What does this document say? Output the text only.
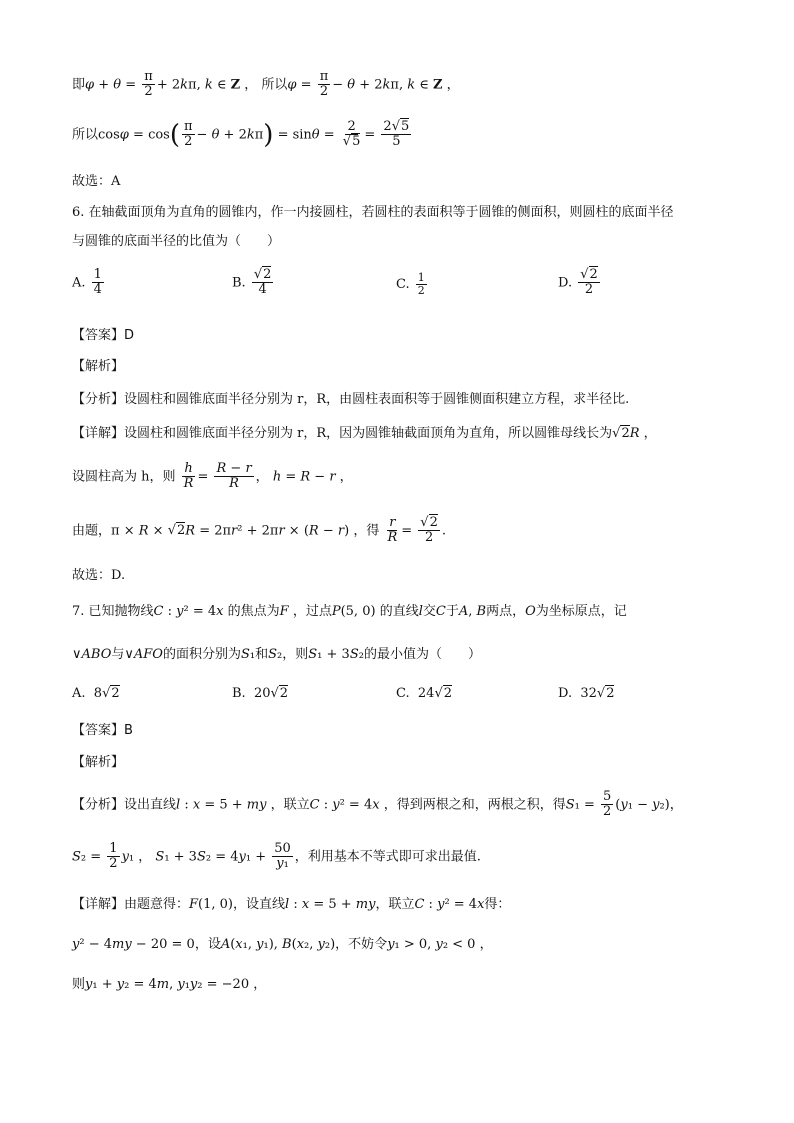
即$\varphi + \theta = \frac{\pi}{2} + 2k\pi$, k ∈ Z ， 所以$\varphi = \frac{\pi}{2} - \theta + 2k\pi$, k ∈ Z ，
所以$\cos\varphi = \cos( \frac{\pi}{2} - \theta + 2k\pi) = \sin\theta = 2$
√ $5 = \frac{2 √ 5}{5}$
故选：A
6. 在轴截面顶角为直角的圆锥内，作一内接圆柱，若圆柱的表面积等于圆锥的侧面积，则圆柱的底面半径
与圆锥的底面半径的比值为（　　）
A. $\frac{1}{4}$	B. √ $\frac{2}{4}$	C. $\frac{1}{2}$	D. √ $\frac{2}{2}$
【答案】D
【解析】
【分析】设圆柱和圆锥底面半径分别为 r，R，由圆柱表面积等于圆锥侧面积建立方程，求半径比.
【详解】设圆柱和圆锥底面半径分别为 r，R，因为圆锥轴截面顶角为直角，所以圆锥母线长为 √ 2R ，
设圆柱高为 h，则 $\frac{h}{R} = \frac{R - r}{R}$ ， h = R − r ，
由题，π × R × √ 2R = 2πr² + 2πr × (R − r) ，得 $\frac{r}{R}$ = √ $\frac{2}{2}$ .
故选：D.
7. 已知抛物线C : y² = 4x 的焦点为F ，过点P(5, 0) 的直线l交C于A, B两点，O为坐标原点，记
∨ABO与∨AFO的面积分别为S₁和S₂，则S₁ + 3S₂的最小值为（　　）
A. 8 √ 2	B. 20 √ 2	C. 24 √ 2	D. 32 √ 2
【答案】B
【解析】
【分析】设出直线l : x = 5 + my ，联立C : y² = 4x ，得到两根之和，两根之积，得$S_1 = \frac{5}{2} (y_1 - y_2)$，
$S_2 = \frac{1}{2} y_1$ ， $S_1 + 3S_2 = 4y_1 + \frac{50}{\text{y₁}}$ ，利用基本不等式即可求出最值.
【详解】由题意得：F(1, 0)，设直线l : x = 5 + my，联立C : y² = 4x得：
y² − 4my − 20 = 0，设A(x₁, y₁), B(x₂, y₂)，不妨令y₁ > 0, y₂ < 0 ，
则y₁ + y₂ = 4m, y₁y₂ = −20 ，
